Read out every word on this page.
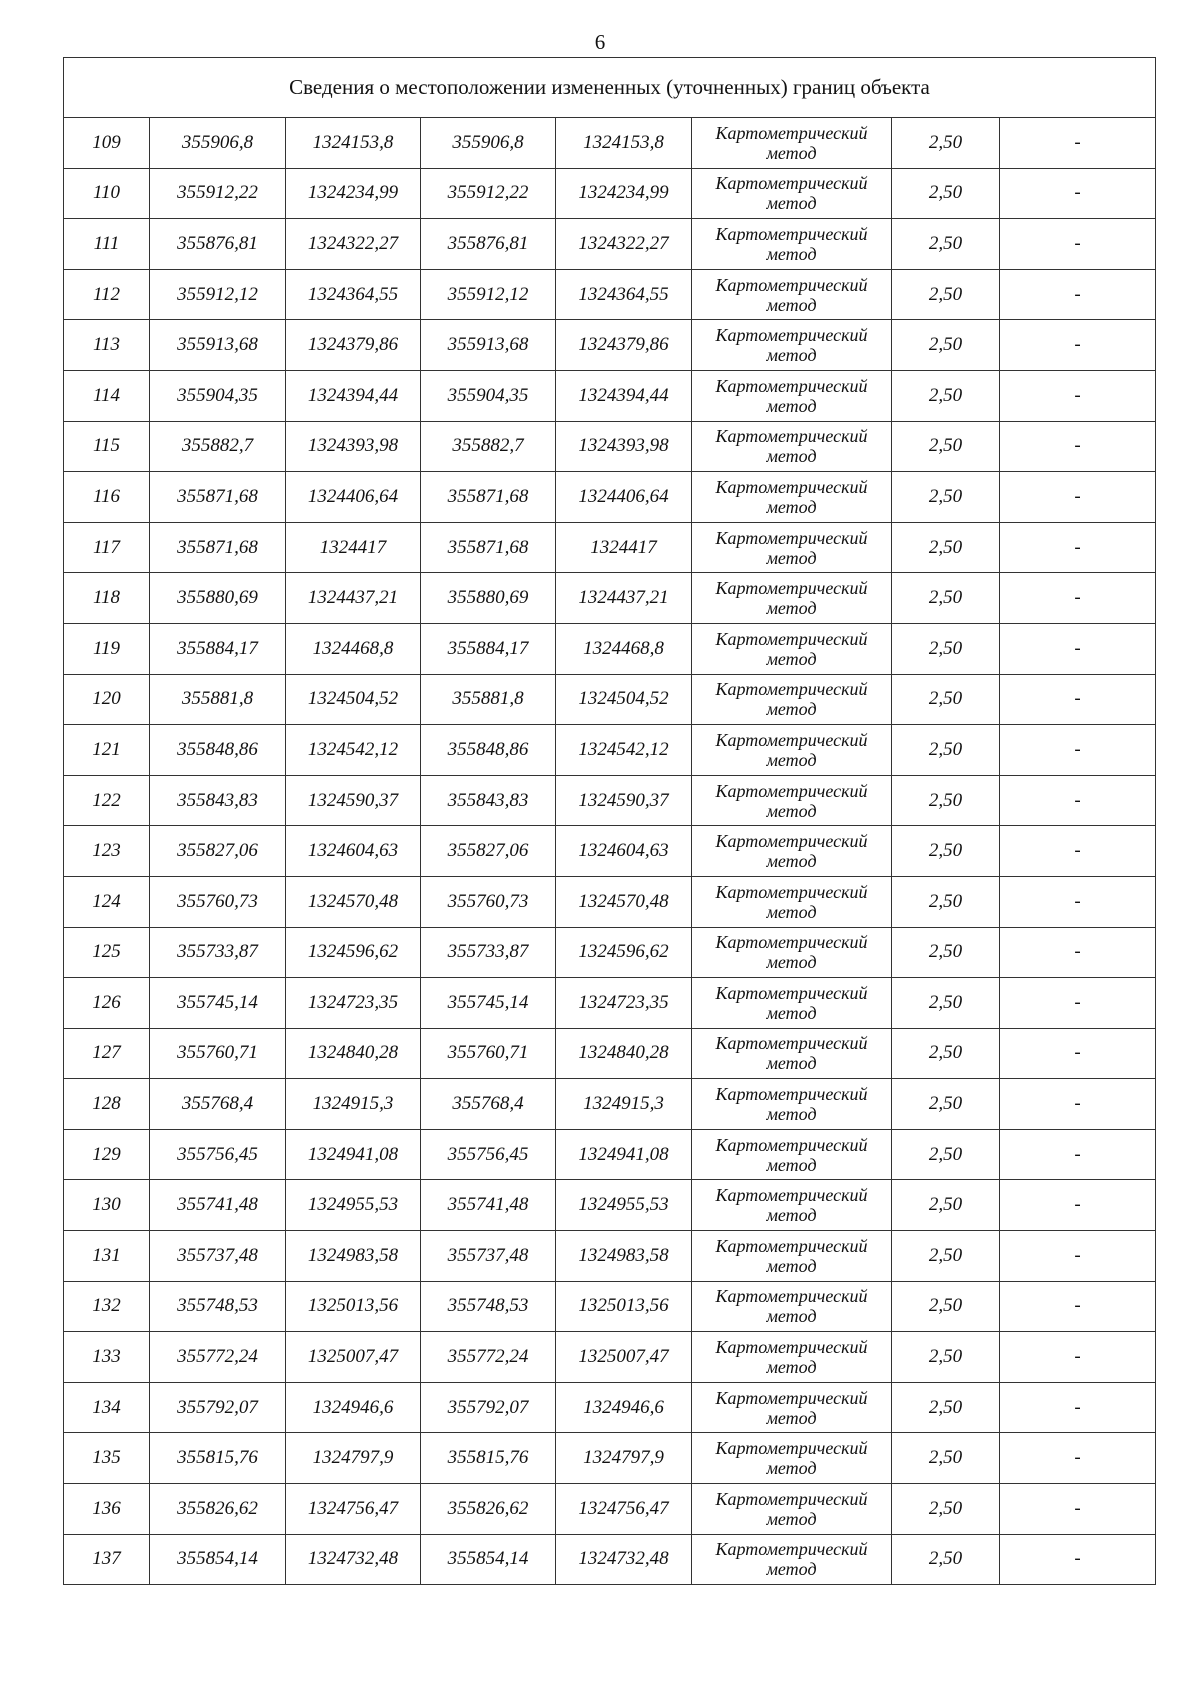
6
Сведения о местоположении измененных (уточненных) границ объекта							
109	355906,8	1324153,8	355906,8	1324153,8	Картометрический
метод	2,50	-
110	355912,22	1324234,99	355912,22	1324234,99	Картометрический
метод	2,50	-
111	355876,81	1324322,27	355876,81	1324322,27	Картометрический
метод	2,50	-
112	355912,12	1324364,55	355912,12	1324364,55	Картометрический
метод	2,50	-
113	355913,68	1324379,86	355913,68	1324379,86	Картометрический
метод	2,50	-
114	355904,35	1324394,44	355904,35	1324394,44	Картометрический
метод	2,50	-
115	355882,7	1324393,98	355882,7	1324393,98	Картометрический
метод	2,50	-
116	355871,68	1324406,64	355871,68	1324406,64	Картометрический
метод	2,50	-
117	355871,68	1324417	355871,68	1324417	Картометрический
метод	2,50	-
118	355880,69	1324437,21	355880,69	1324437,21	Картометрический
метод	2,50	-
119	355884,17	1324468,8	355884,17	1324468,8	Картометрический
метод	2,50	-
120	355881,8	1324504,52	355881,8	1324504,52	Картометрический
метод	2,50	-
121	355848,86	1324542,12	355848,86	1324542,12	Картометрический
метод	2,50	-
122	355843,83	1324590,37	355843,83	1324590,37	Картометрический
метод	2,50	-
123	355827,06	1324604,63	355827,06	1324604,63	Картометрический
метод	2,50	-
124	355760,73	1324570,48	355760,73	1324570,48	Картометрический
метод	2,50	-
125	355733,87	1324596,62	355733,87	1324596,62	Картометрический
метод	2,50	-
126	355745,14	1324723,35	355745,14	1324723,35	Картометрический
метод	2,50	-
127	355760,71	1324840,28	355760,71	1324840,28	Картометрический
метод	2,50	-
128	355768,4	1324915,3	355768,4	1324915,3	Картометрический
метод	2,50	-
129	355756,45	1324941,08	355756,45	1324941,08	Картометрический
метод	2,50	-
130	355741,48	1324955,53	355741,48	1324955,53	Картометрический
метод	2,50	-
131	355737,48	1324983,58	355737,48	1324983,58	Картометрический
метод	2,50	-
132	355748,53	1325013,56	355748,53	1325013,56	Картометрический
метод	2,50	-
133	355772,24	1325007,47	355772,24	1325007,47	Картометрический
метод	2,50	-
134	355792,07	1324946,6	355792,07	1324946,6	Картометрический
метод	2,50	-
135	355815,76	1324797,9	355815,76	1324797,9	Картометрический
метод	2,50	-
136	355826,62	1324756,47	355826,62	1324756,47	Картометрический
метод	2,50	-
137	355854,14	1324732,48	355854,14	1324732,48	Картометрический
метод	2,50	-
